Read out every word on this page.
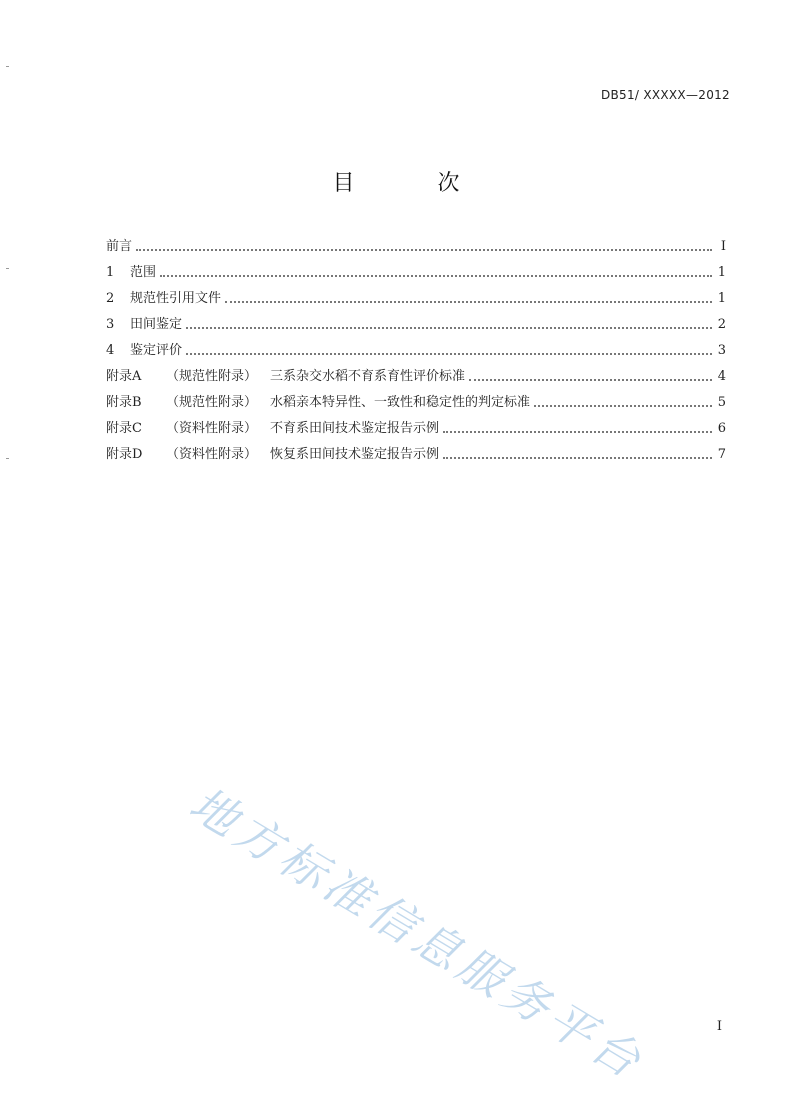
DB51/ XXXXX—2012
目 次
前言	I
1	范围	1
2	规范性引用文件	1
3	田间鉴定	2
4	鉴定评价	3
附录A	（规范性附录） 三系杂交水稻不育系育性评价标准	4
附录B	（规范性附录） 水稻亲本特异性、一致性和稳定性的判定标准	5
附录C	（资料性附录） 不育系田间技术鉴定报告示例	6
附录D	（资料性附录） 恢复系田间技术鉴定报告示例	7
地方标准信息服务平台	I
